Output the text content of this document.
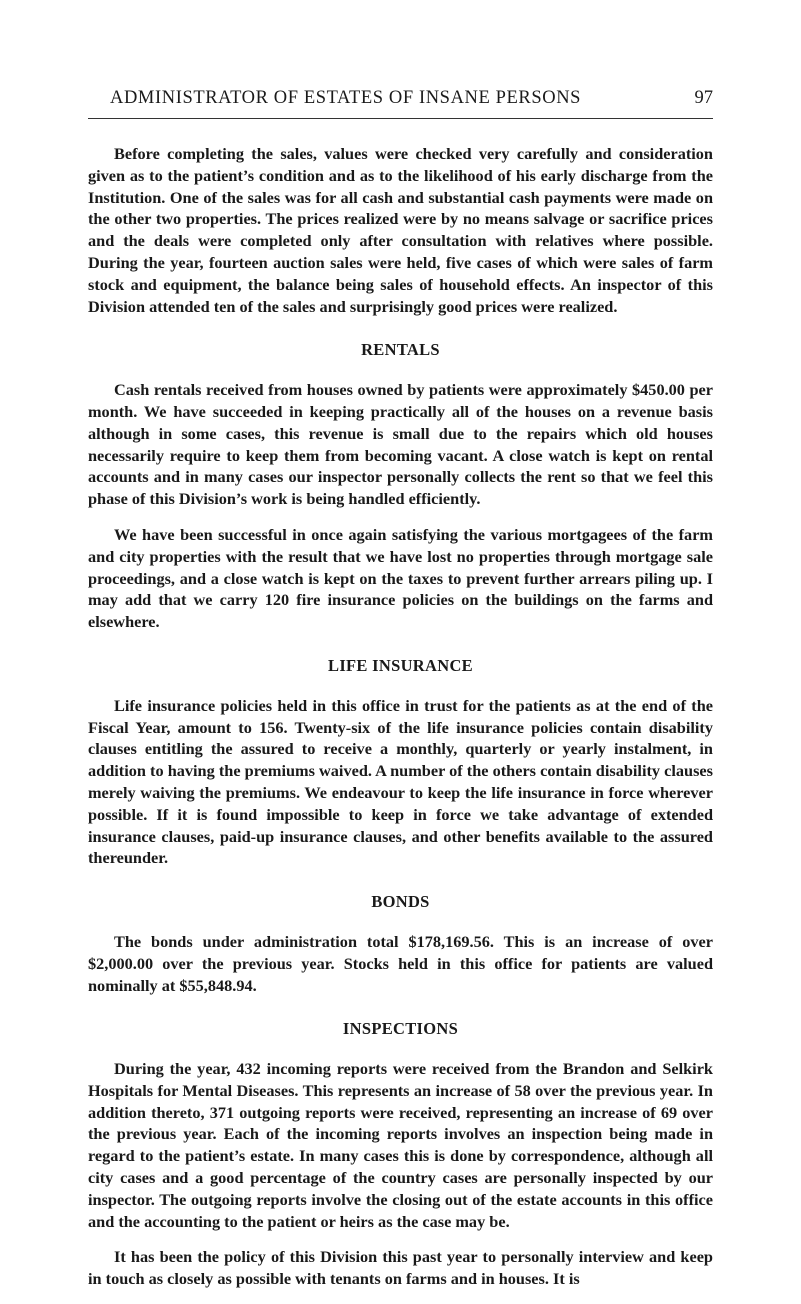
ADMINISTRATOR OF ESTATES OF INSANE PERSONS	97

Before completing the sales, values were checked very carefully and consideration given as to the patient’s condition and as to the likelihood of his early discharge from the Institution. One of the sales was for all cash and substantial cash payments were made on the other two properties. The prices realized were by no means salvage or sacrifice prices and the deals were completed only after consultation with relatives where possible. During the year, fourteen auction sales were held, five cases of which were sales of farm stock and equipment, the balance being sales of household effects. An inspector of this Division attended ten of the sales and surprisingly good prices were realized.

RENTALS

Cash rentals received from houses owned by patients were approximately $450.00 per month. We have succeeded in keeping practically all of the houses on a revenue basis although in some cases, this revenue is small due to the repairs which old houses necessarily require to keep them from becoming vacant. A close watch is kept on rental accounts and in many cases our inspector personally collects the rent so that we feel this phase of this Division’s work is being handled efficiently.

We have been successful in once again satisfying the various mortgagees of the farm and city properties with the result that we have lost no properties through mortgage sale proceedings, and a close watch is kept on the taxes to prevent further arrears piling up. I may add that we carry 120 fire insurance policies on the buildings on the farms and elsewhere.

LIFE INSURANCE

Life insurance policies held in this office in trust for the patients as at the end of the Fiscal Year, amount to 156. Twenty-six of the life insurance policies contain disability clauses entitling the assured to receive a monthly, quarterly or yearly instalment, in addition to having the premiums waived. A number of the others contain disability clauses merely waiving the premiums. We endeavour to keep the life insurance in force wherever possible. If it is found impossible to keep in force we take advantage of extended insurance clauses, paid-up insurance clauses, and other benefits available to the assured thereunder.

BONDS

The bonds under administration total $178,169.56. This is an increase of over $2,000.00 over the previous year. Stocks held in this office for patients are valued nominally at $55,848.94.

INSPECTIONS

During the year, 432 incoming reports were received from the Brandon and Selkirk Hospitals for Mental Diseases. This represents an increase of 58 over the previous year. In addition thereto, 371 outgoing reports were received, representing an increase of 69 over the previous year. Each of the incoming reports involves an inspection being made in regard to the patient’s estate. In many cases this is done by correspondence, although all city cases and a good percentage of the country cases are personally inspected by our inspector. The outgoing reports involve the closing out of the estate accounts in this office and the accounting to the patient or heirs as the case may be.

It has been the policy of this Division this past year to personally interview and keep in touch as closely as possible with tenants on farms and in houses. It is
